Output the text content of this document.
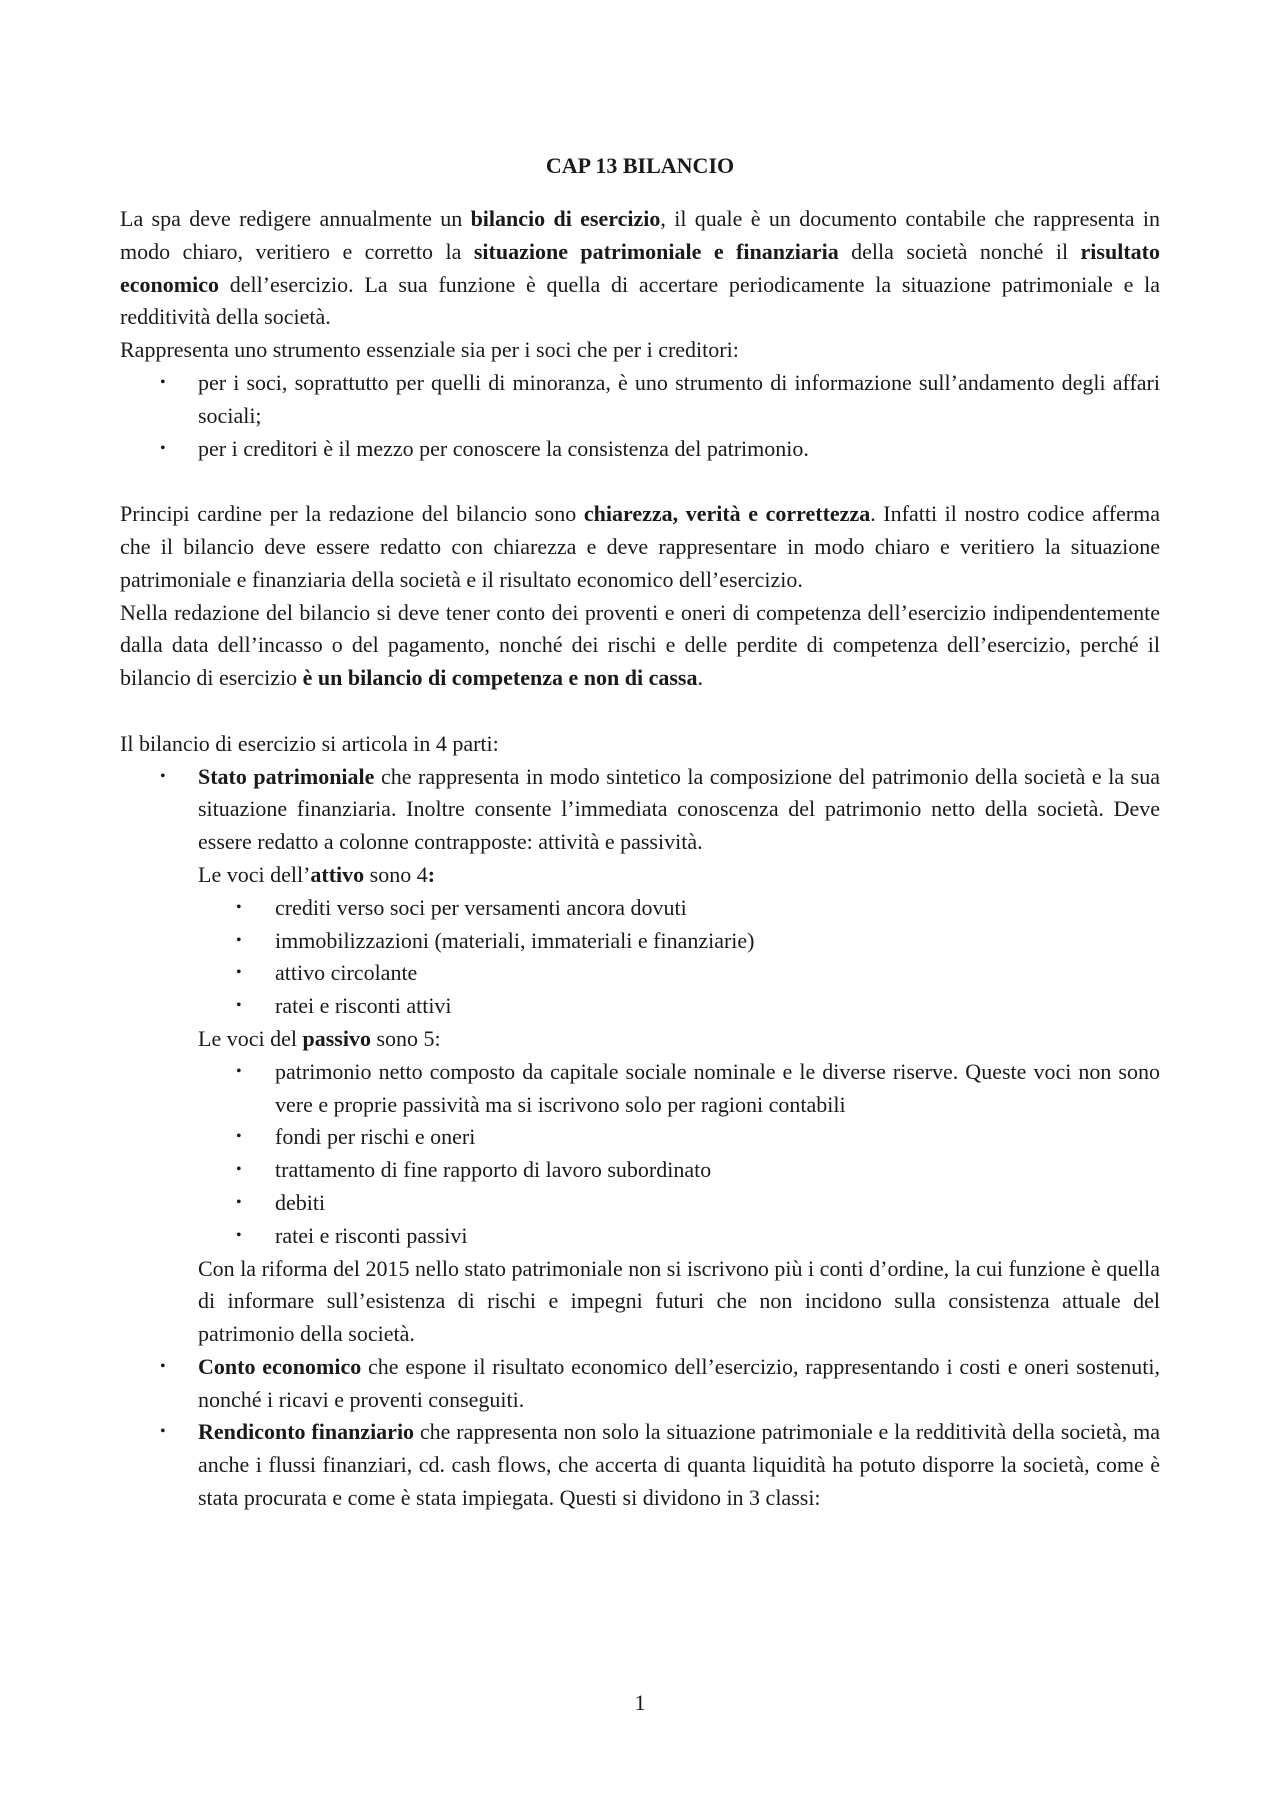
CAP 13 BILANCIO

La spa deve redigere annualmente un bilancio di esercizio, il quale è un documento contabile che rappresenta in modo chiaro, veritiero e corretto la situazione patrimoniale e finanziaria della società nonché il risultato economico dell’esercizio. La sua funzione è quella di accertare periodicamente la situazione patrimoniale e la redditività della società.

Rappresenta uno strumento essenziale sia per i soci che per i creditori:

• per i soci, soprattutto per quelli di minoranza, è uno strumento di informazione sull’andamento degli affari sociali;
• per i creditori è il mezzo per conoscere la consistenza del patrimonio.

Principi cardine per la redazione del bilancio sono chiarezza, verità e correttezza. Infatti il nostro codice afferma che il bilancio deve essere redatto con chiarezza e deve rappresentare in modo chiaro e veritiero la situazione patrimoniale e finanziaria della società e il risultato economico dell’esercizio.

Nella redazione del bilancio si deve tener conto dei proventi e oneri di competenza dell’esercizio indipendentemente dalla data dell’incasso o del pagamento, nonché dei rischi e delle perdite di competenza dell’esercizio, perché il bilancio di esercizio è un bilancio di competenza e non di cassa.

Il bilancio di esercizio si articola in 4 parti:

• Stato patrimoniale che rappresenta in modo sintetico la composizione del patrimonio della società e la sua situazione finanziaria. Inoltre consente l’immediata conoscenza del patrimonio netto della società. Deve essere redatto a colonne contrapposte: attività e passività.
Le voci dell’attivo sono 4:
• crediti verso soci per versamenti ancora dovuti
• immobilizzazioni (materiali, immateriali e finanziarie)
• attivo circolante
• ratei e risconti attivi
Le voci del passivo sono 5:
• patrimonio netto composto da capitale sociale nominale e le diverse riserve. Queste voci non sono vere e proprie passività ma si iscrivono solo per ragioni contabili
• fondi per rischi e oneri
• trattamento di fine rapporto di lavoro subordinato
• debiti
• ratei e risconti passivi
Con la riforma del 2015 nello stato patrimoniale non si iscrivono più i conti d’ordine, la cui funzione è quella di informare sull’esistenza di rischi e impegni futuri che non incidono sulla consistenza attuale del patrimonio della società.
• Conto economico che espone il risultato economico dell’esercizio, rappresentando i costi e oneri sostenuti, nonché i ricavi e proventi conseguiti.
• Rendiconto finanziario che rappresenta non solo la situazione patrimoniale e la redditività della società, ma anche i flussi finanziari, cd. cash flows, che accerta di quanta liquidità ha potuto disporre la società, come è stata procurata e come è stata impiegata. Questi si dividono in 3 classi:
1
